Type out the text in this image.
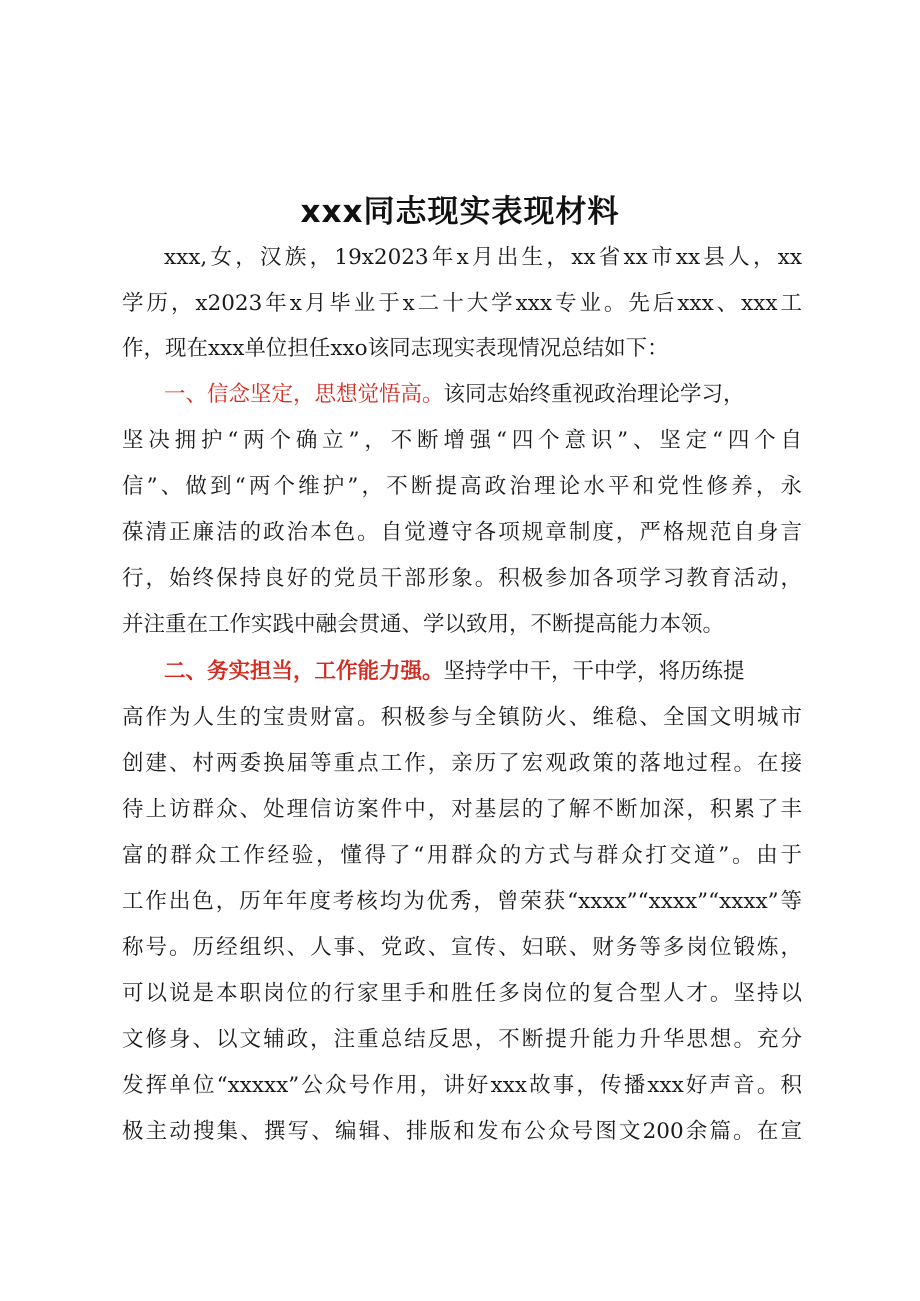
xxx同志现实表现材料
xxx,女，汉族，19x2023年x月出生，xx省xx市xx县人，xx
学历，x2023年x月毕业于x二十大学xxx专业。先后xxx、xxx工
作，现在xxx单位担任xxo该同志现实表现情况总结如下：
一、信念坚定，思想觉悟高。该同志始终重视政治理论学习，
坚决拥护“两个确立”，不断增强“四个意识”、坚定“四个自
信”、做到“两个维护”，不断提高政治理论水平和党性修养，永
葆清正廉洁的政治本色。自觉遵守各项规章制度，严格规范自身言
行，始终保持良好的党员干部形象。积极参加各项学习教育活动，
并注重在工作实践中融会贯通、学以致用，不断提高能力本领。
二、务实担当，工作能力强。坚持学中干，干中学，将历练提
高作为人生的宝贵财富。积极参与全镇防火、维稳、全国文明城市
创建、村两委换届等重点工作，亲历了宏观政策的落地过程。在接
待上访群众、处理信访案件中，对基层的了解不断加深，积累了丰
富的群众工作经验，懂得了“用群众的方式与群众打交道”。由于
工作出色，历年年度考核均为优秀，曾荣获“xxxx”“xxxx”“xxxx”等
称号。历经组织、人事、党政、宣传、妇联、财务等多岗位锻炼，
可以说是本职岗位的行家里手和胜任多岗位的复合型人才。坚持以
文修身、以文辅政，注重总结反思，不断提升能力升华思想。充分
发挥单位“xxxxx”公众号作用，讲好xxx故事，传播xxx好声音。积
极主动搜集、撰写、编辑、排版和发布公众号图文200余篇。在宣
